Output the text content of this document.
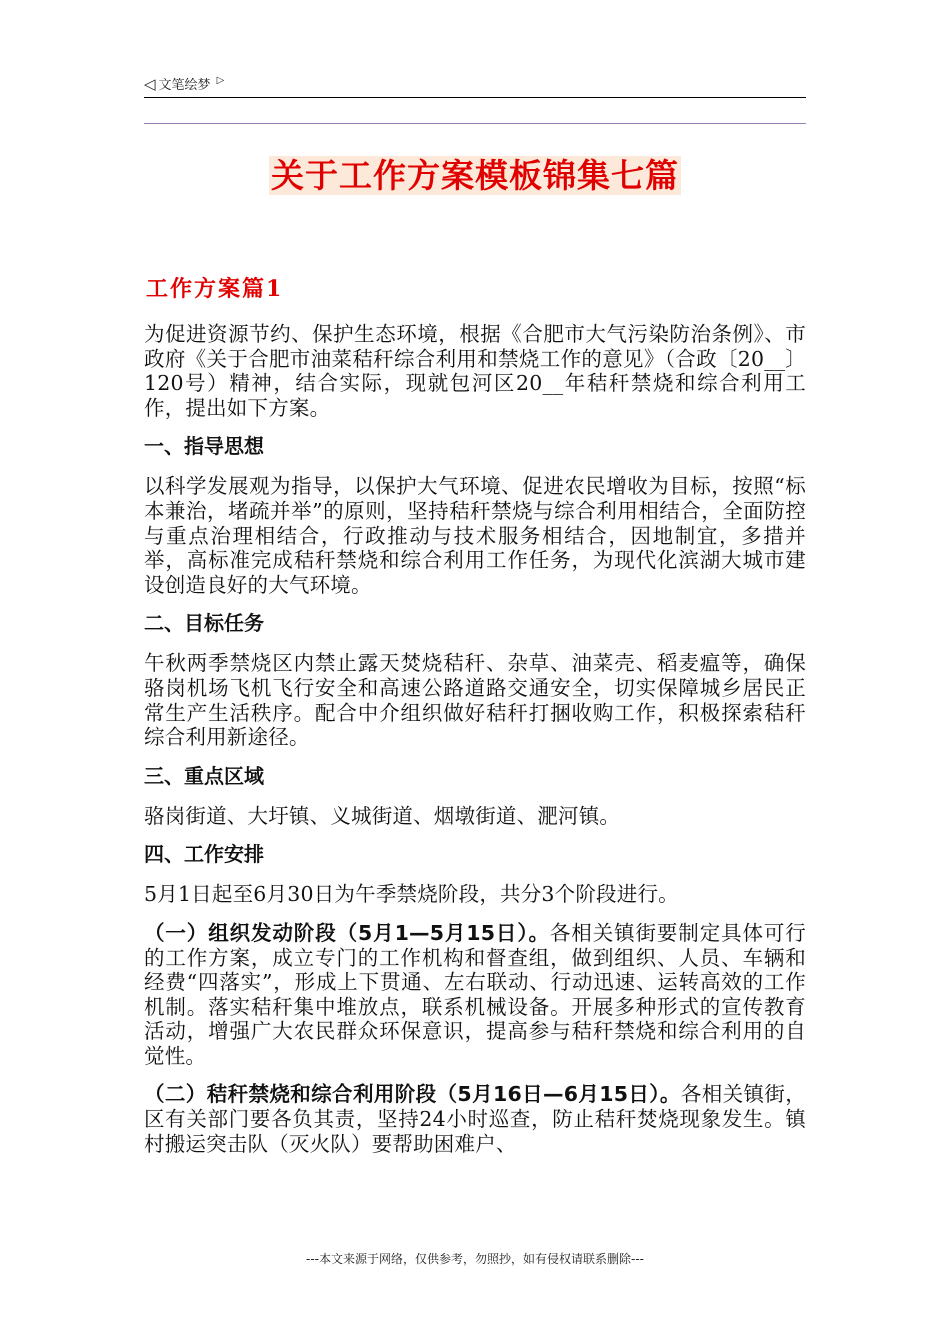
◁ 文笔绘梦 ▷
关于工作方案模板锦集七篇
工作方案篇1

为促进资源节约、保护生态环境，根据《合肥市大气污染防治条例》、市政府《关于合肥市油菜秸秆综合利用和禁烧工作的意见》（合政〔20__〕120号）精神，结合实际，现就包河区20__年秸秆禁烧和综合利用工作，提出如下方案。

一、指导思想

以科学发展观为指导，以保护大气环境、促进农民增收为目标，按照“标本兼治，堵疏并举”的原则，坚持秸秆禁烧与综合利用相结合，全面防控与重点治理相结合，行政推动与技术服务相结合，因地制宜，多措并举，高标准完成秸秆禁烧和综合利用工作任务，为现代化滨湖大城市建设创造良好的大气环境。

二、目标任务

午秋两季禁烧区内禁止露天焚烧秸秆、杂草、油菜壳、稻麦瘟等，确保骆岗机场飞机飞行安全和高速公路道路交通安全，切实保障城乡居民正常生产生活秩序。配合中介组织做好秸秆打捆收购工作，积极探索秸秆综合利用新途径。

三、重点区域

骆岗街道、大圩镇、义城街道、烟墩街道、淝河镇。

四、工作安排

5月1日起至6月30日为午季禁烧阶段，共分3个阶段进行。

（一）组织发动阶段（5月1—5月15日）。各相关镇街要制定具体可行的工作方案，成立专门的工作机构和督查组，做到组织、人员、车辆和经费“四落实”，形成上下贯通、左右联动、行动迅速、运转高效的工作机制。落实秸秆集中堆放点，联系机械设备。开展多种形式的宣传教育活动，增强广大农民群众环保意识，提高参与秸秆禁烧和综合利用的自觉性。

（二）秸秆禁烧和综合利用阶段（5月16日—6月15日）。各相关镇街，区有关部门要各负其责，坚持24小时巡查，防止秸秆焚烧现象发生。镇村搬运突击队（灭火队）要帮助困难户、

---本文来源于网络，仅供参考，勿照抄，如有侵权请联系删除---
